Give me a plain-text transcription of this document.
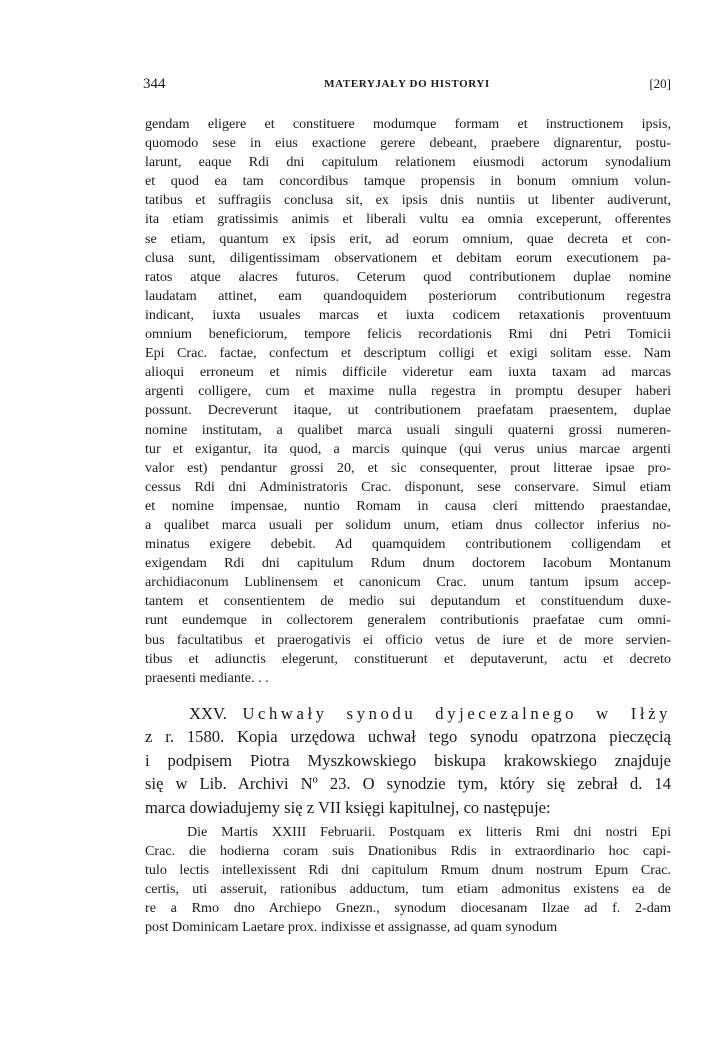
344	MATERYJAŁY DO HISTORYI	[20]
gendam eligere et constituere modumque formam et instructionem ipsis,
quomodo sese in eius exactione gerere debeant, praebere dignarentur, postu-
larunt, eaque Rdi dni capitulum relationem eiusmodi actorum synodalium
et quod ea tam concordibus tamque propensis in bonum omnium volun-
tatibus et suffragiis conclusa sit, ex ipsis dnis nuntiis ut libenter audiverunt,
ita etiam gratissimis animis et liberali vultu ea omnia exceperunt, offerentes
se etiam, quantum ex ipsis erit, ad eorum omnium, quae decreta et con-
clusa sunt, diligentissimam observationem et debitam eorum executionem pa-
ratos atque alacres futuros. Ceterum quod contributionem duplae nomine
laudatam attinet, eam quandoquidem posteriorum contributionum regestra
indicant, iuxta usuales marcas et iuxta codicem retaxationis proventuum
omnium beneficiorum, tempore felicis recordationis Rmi dni Petri Tomicii
Epi Crac. factae, confectum et descriptum colligi et exigi solitam esse. Nam
alioqui erroneum et nimis difficile videretur eam iuxta taxam ad marcas
argenti colligere, cum et maxime nulla regestra in promptu desuper haberi
possunt. Decreverunt itaque, ut contributionem praefatam praesentem, duplae
nomine institutam, a qualibet marca usuali singuli quaterni grossi numeren-
tur et exigantur, ita quod, a marcis quinque (qui verus unius marcae argenti
valor est) pendantur grossi 20, et sic consequenter, prout litterae ipsae pro-
cessus Rdi dni Administratoris Crac. disponunt, sese conservare. Simul etiam
et nomine impensae, nuntio Romam in causa cleri mittendo praestandae,
a qualibet marca usuali per solidum unum, etiam dnus collector inferius no-
minatus exigere debebit. Ad quamquidem contributionem colligendam et
exigendam Rdi dni capitulum Rdum dnum doctorem Iacobum Montanum
archidiaconum Lublinensem et canonicum Crac. unum tantum ipsum accep-
tantem et consentientem de medio sui deputandum et constituendum duxe-
runt eundemque in collectorem generalem contributionis praefatae cum omni-
bus facultatibus et praerogativis ei officio vetus de iure et de more servien-
tibus et adiunctis elegerunt, constituerunt et deputaverunt, actu et decreto
praesenti mediante. . .
XXV. Uchwały synodu dyjecezalnego w Iłży
z r. 1580. Kopia urzędowa uchwał tego synodu opatrzona pieczęcią
i podpisem Piotra Myszkowskiego biskupa krakowskiego znajduje
się w Lib. Archivi Nº 23. O synodzie tym, który się zebrał d. 14
marca dowiadujemy się z VII księgi kapitulnej, co następuje:
Die Martis XXIII Februarii. Postquam ex litteris Rmi dni nostri Epi
Crac. die hodierna coram suis Dnationibus Rdis in extraordinario hoc capi-
tulo lectis intellexissent Rdi dni capitulum Rmum dnum nostrum Epum Crac.
certis, uti asseruit, rationibus adductum, tum etiam admonitus existens ea de
re a Rmo dno Archiepo Gnezn., synodum diocesanam Ilzae ad f. 2-dam
post Dominicam Laetare prox. indixisse et assignasse, ad quam synodum
